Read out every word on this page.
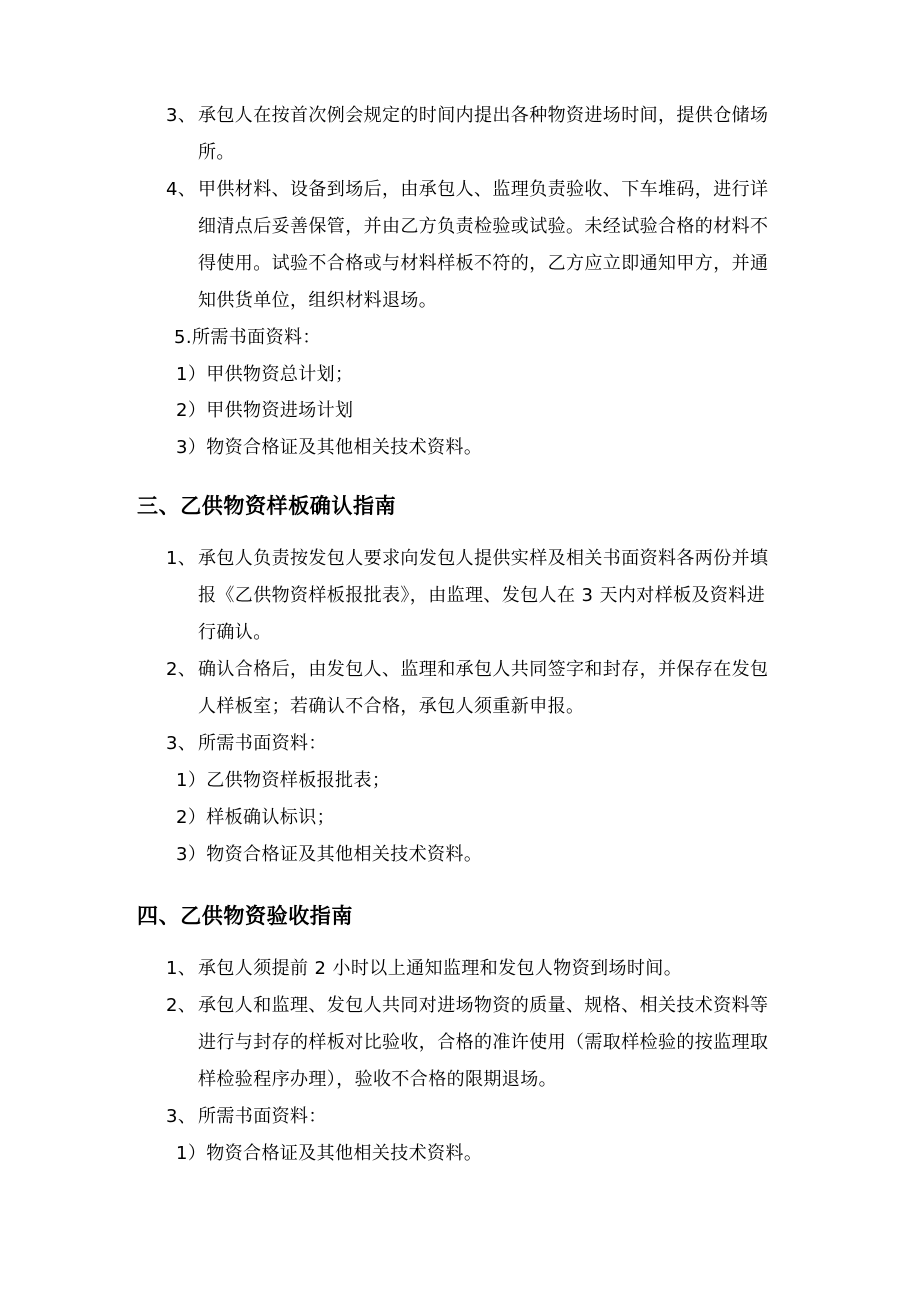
3、 承包人在按首次例会规定的时间内提出各种物资进场时间，提供仓储场
所。
4、 甲供材料、设备到场后，由承包人、监理负责验收、下车堆码，进行详
细清点后妥善保管，并由乙方负责检验或试验。未经试验合格的材料不
得使用。试验不合格或与材料样板不符的，乙方应立即通知甲方，并通
知供货单位，组织材料退场。
5.所需书面资料：
1）甲供物资总计划；
2）甲供物资进场计划
3）物资合格证及其他相关技术资料。
三、乙供物资样板确认指南
1、 承包人负责按发包人要求向发包人提供实样及相关书面资料各两份并填
报《乙供物资样板报批表》，由监理、发包人在 3 天内对样板及资料进
行确认。
2、 确认合格后，由发包人、监理和承包人共同签字和封存，并保存在发包
人样板室；若确认不合格，承包人须重新申报。
3、 所需书面资料：
1）乙供物资样板报批表；
2）样板确认标识；
3）物资合格证及其他相关技术资料。
四、乙供物资验收指南
1、 承包人须提前 2 小时以上通知监理和发包人物资到场时间。
2、 承包人和监理、发包人共同对进场物资的质量、规格、相关技术资料等
进行与封存的样板对比验收，合格的准许使用（需取样检验的按监理取
样检验程序办理），验收不合格的限期退场。
3、 所需书面资料：
1）物资合格证及其他相关技术资料。
